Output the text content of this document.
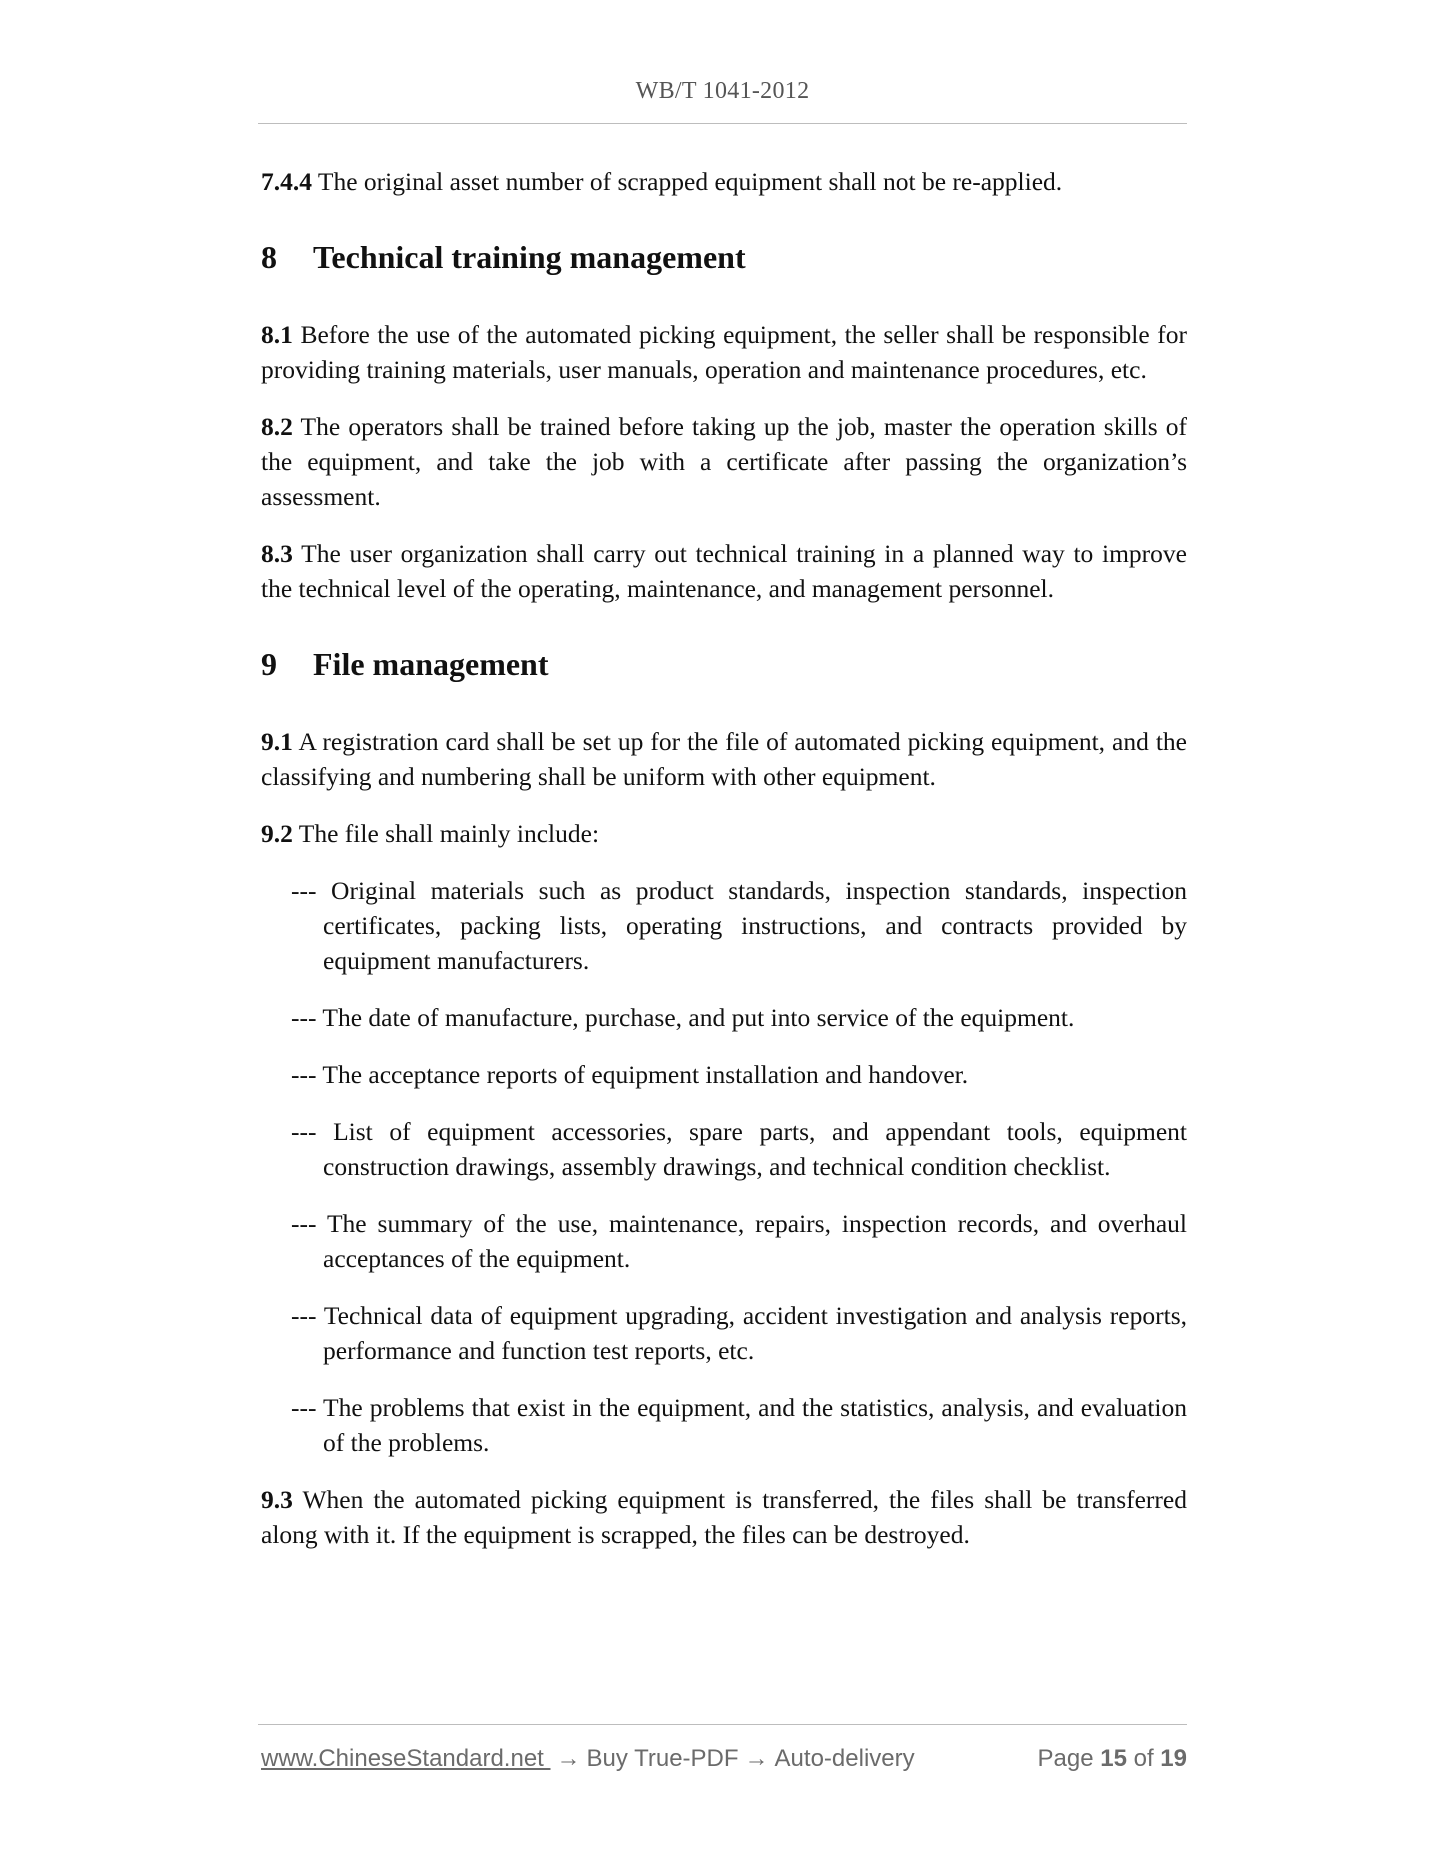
WB/T 1041-2012

7.4.4 The original asset number of scrapped equipment shall not be re-applied.

8	Technical training management

8.1 Before the use of the automated picking equipment, the seller shall be responsible for providing training materials, user manuals, operation and maintenance procedures, etc.

8.2 The operators shall be trained before taking up the job, master the operation skills of the equipment, and take the job with a certificate after passing the organization’s assessment.

8.3 The user organization shall carry out technical training in a planned way to improve the technical level of the operating, maintenance, and management personnel.

9	File management

9.1 A registration card shall be set up for the file of automated picking equipment, and the classifying and numbering shall be uniform with other equipment.

9.2 The file shall mainly include:

--- Original materials such as product standards, inspection standards, inspection certificates, packing lists, operating instructions, and contracts provided by equipment manufacturers.
--- The date of manufacture, purchase, and put into service of the equipment.
--- The acceptance reports of equipment installation and handover.
--- List of equipment accessories, spare parts, and appendant tools, equipment construction drawings, assembly drawings, and technical condition checklist.
--- The summary of the use, maintenance, repairs, inspection records, and overhaul acceptances of the equipment.
--- Technical data of equipment upgrading, accident investigation and analysis reports, performance and function test reports, etc.
--- The problems that exist in the equipment, and the statistics, analysis, and evaluation of the problems.

9.3 When the automated picking equipment is transferred, the files shall be transferred along with it. If the equipment is scrapped, the files can be destroyed.

www.ChineseStandard.net → Buy True-PDF → Auto-delivery	Page 15 of 19
